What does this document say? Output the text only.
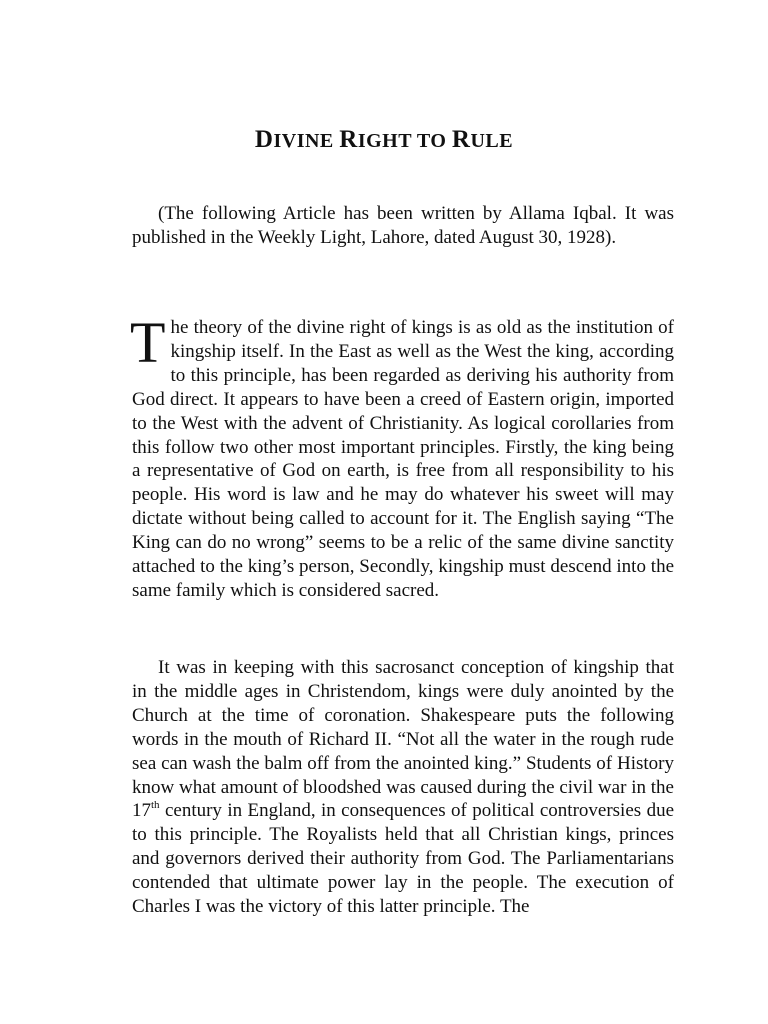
DIVINE RIGHT TO RULE

(The following Article has been written by Allama Iqbal. It was published in the Weekly Light, Lahore, dated August 30, 1928).

The theory of the divine right of kings is as old as the institution of kingship itself. In the East as well as the West the king, according to this principle, has been regarded as deriving his authority from God direct. It appears to have been a creed of Eastern origin, imported to the West with the advent of Christianity. As logical corollaries from this follow two other most important principles. Firstly, the king being a representative of God on earth, is free from all responsibility to his people. His word is law and he may do whatever his sweet will may dictate without being called to account for it. The English saying “The King can do no wrong” seems to be a relic of the same divine sanctity attached to the king’s person, Secondly, kingship must descend into the same family which is considered sacred.

It was in keeping with this sacrosanct conception of kingship that in the middle ages in Christendom, kings were duly anointed by the Church at the time of coronation. Shakespeare puts the following words in the mouth of Richard II. “Not all the water in the rough rude sea can wash the balm off from the anointed king.” Students of History know what amount of bloodshed was caused during the civil war in the 17th century in England, in consequences of political controversies due to this principle. The Royalists held that all Christian kings, princes and governors derived their authority from God. The Parliamentarians contended that ultimate power lay in the people. The execution of Charles I was the victory of this latter principle. The
